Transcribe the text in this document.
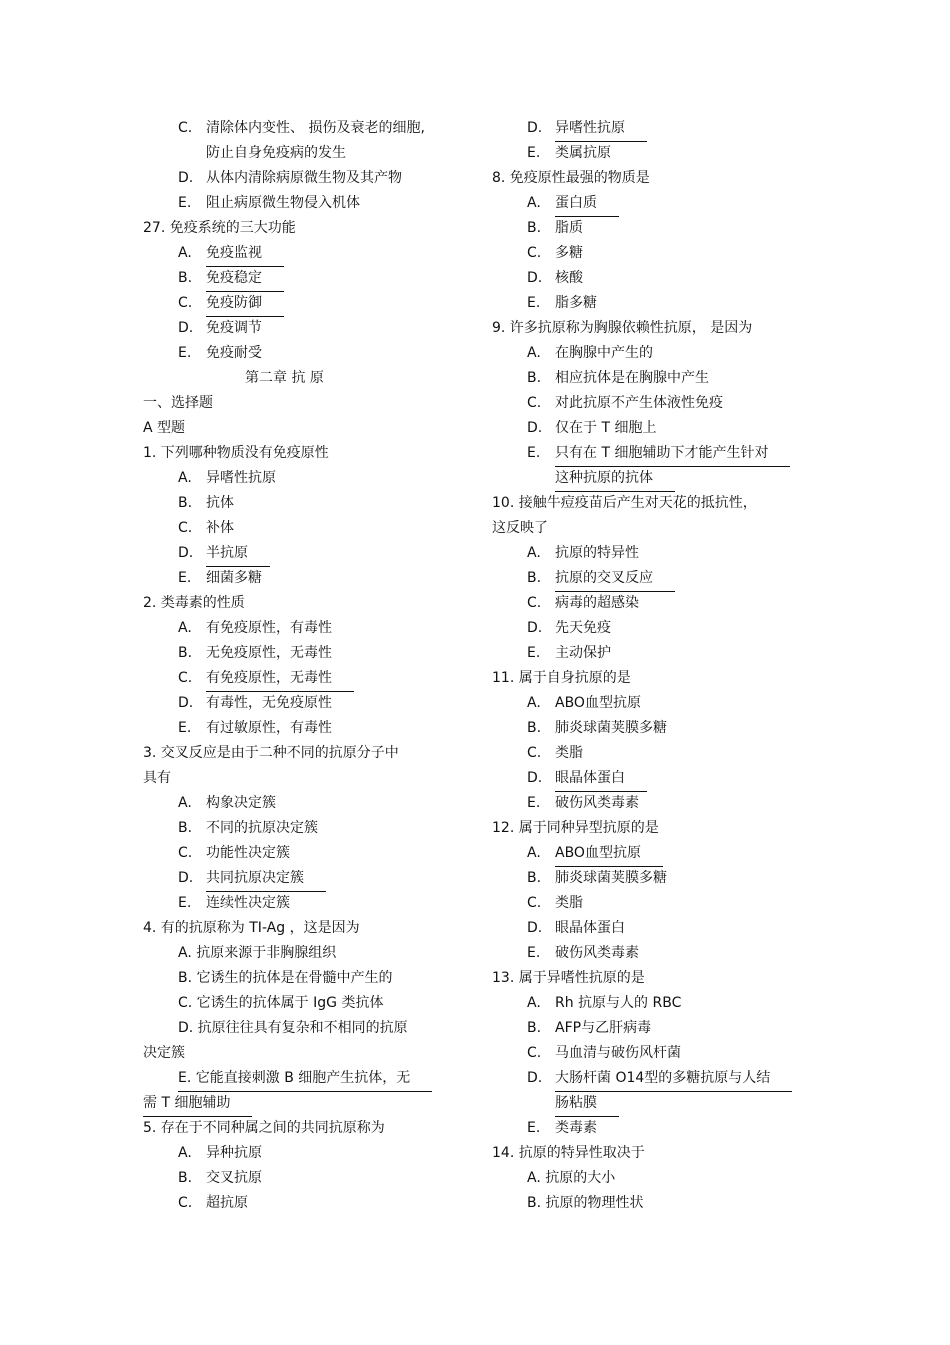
C. 清除体内变性、 损伤及衰老的细胞,
防止自身免疫病的发生
D. 从体内清除病原微生物及其产物
E. 阻止病原微生物侵入机体
27. 免疫系统的三大功能
A. 免疫监视
B. 免疫稳定
C. 免疫防御
D. 免疫调节
E. 免疫耐受
第二章 抗 原
一、选择题
A 型题
1. 下列哪种物质没有免疫原性
A. 异嗜性抗原
B. 抗体
C. 补体
D. 半抗原
E. 细菌多糖
2. 类毒素的性质
A. 有免疫原性，有毒性
B. 无免疫原性，无毒性
C. 有免疫原性，无毒性
D. 有毒性，无免疫原性
E. 有过敏原性，有毒性
3. 交叉反应是由于二种不同的抗原分子中
具有
A. 构象决定簇
B. 不同的抗原决定簇
C. 功能性决定簇
D. 共同抗原决定簇
E. 连续性决定簇
4. 有的抗原称为 TI-Ag ，这是因为
A. 抗原来源于非胸腺组织
B. 它诱生的抗体是在骨髓中产生的
C. 它诱生的抗体属于 IgG 类抗体
D. 抗原往往具有复杂和不相同的抗原
决定簇
E. 它能直接刺激 B 细胞产生抗体，无
需 T 细胞辅助
5. 存在于不同种属之间的共同抗原称为
A. 异种抗原
B. 交叉抗原
C. 超抗原
D. 异嗜性抗原
E. 类属抗原
8. 免疫原性最强的物质是
A. 蛋白质
B. 脂质
C. 多糖
D. 核酸
E. 脂多糖
9. 许多抗原称为胸腺依赖性抗原， 是因为
A. 在胸腺中产生的
B. 相应抗体是在胸腺中产生
C. 对此抗原不产生体液性免疫
D. 仅在于 T 细胞上
E. 只有在 T 细胞辅助下才能产生针对
这种抗原的抗体
10. 接触牛痘疫苗后产生对天花的抵抗性，
这反映了
A. 抗原的特异性
B. 抗原的交叉反应
C. 病毒的超感染
D. 先天免疫
E. 主动保护
11. 属于自身抗原的是
A. ABO血型抗原
B. 肺炎球菌荚膜多糖
C. 类脂
D. 眼晶体蛋白
E. 破伤风类毒素
12. 属于同种异型抗原的是
A. ABO血型抗原
B. 肺炎球菌荚膜多糖
C. 类脂
D. 眼晶体蛋白
E. 破伤风类毒素
13. 属于异嗜性抗原的是
A. Rh 抗原与人的 RBC
B. AFP与乙肝病毒
C. 马血清与破伤风杆菌
D. 大肠杆菌 O14型的多糖抗原与人结
肠粘膜
E. 类毒素
14. 抗原的特异性取决于
A. 抗原的大小
B. 抗原的物理性状
